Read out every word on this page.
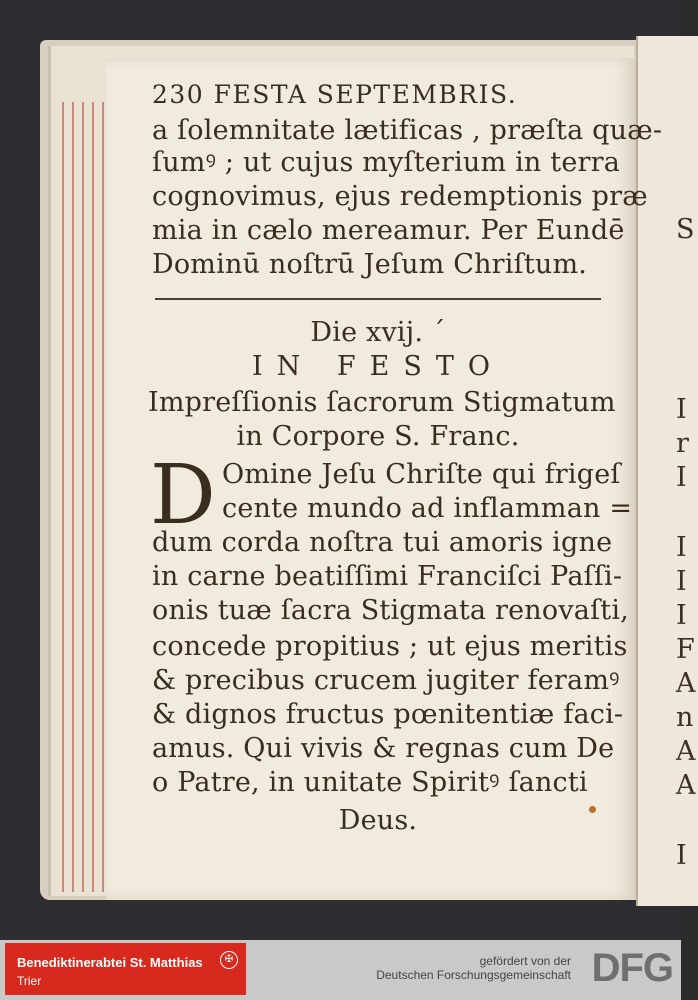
S
I
r
I
I
I
I
F
A
n
A
A
I
230 FESTA SEPTEMBRIS.
a ſolemnitate lætificas , præſta quæ-
ſumꝰ ; ut cujus myſterium in terra
cognovimus, ejus redemptionis præ
mia in cælo mereamur. Per Eundē
Dominū noſtrū Jeſum Chriſtum.
Die xvij. ´
IN FESTO
Impreſſionis ſacrorum Stigmatum
in Corpore S. Franc.
D Omine Jeſu Chriſte qui frigeſ
cente mundo ad inflamman =
dum corda noſtra tui amoris igne
in carne beatiſſimi Franciſci Paſſi-
onis tuæ ſacra Stigmata renovaſti,
concede propitius ; ut ejus meritis
& precibus crucem jugiter feramꝰ
& dignos fructus pœnitentiæ faci-
amus. Qui vivis & regnas cum De
o Patre, in unitate Spiritꝰ ſancti
Deus.
Benediktinerabtei St. Matthias
Trier
✠	gefördert von der
Deutschen Forschungsgemeinschaft DFG
